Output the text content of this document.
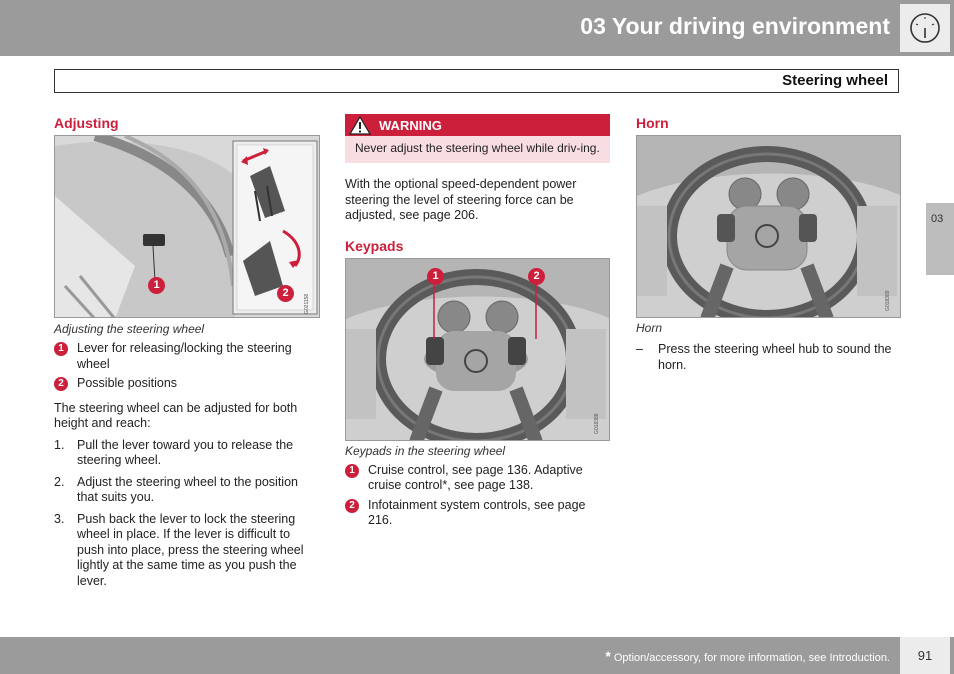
03 Your driving environment
Steering wheel
03
Adjusting
1
2
G021158
Adjusting the steering wheel
1	Lever for releasing/locking the steering wheel
2	Possible positions
The steering wheel can be adjusted for both height and reach:
1.	Pull the lever toward you to release the steering wheel.
2.	Adjust the steering wheel to the position that suits you.
3.	Push back the lever to lock the steering wheel in place. If the lever is difficult to push into place, press the steering wheel lightly at the same time as you push the lever.
WARNING
Never adjust the steering wheel while driv-ing.
With the optional speed-dependent power steering the level of steering force can be adjusted, see page 206.
Keypads
1	2
G018388
Keypads in the steering wheel
1	Cruise control, see page 136. Adaptive cruise control*, see page 138.
2	Infotainment system controls, see page 216.
Horn
G018389
Horn
–	Press the steering wheel hub to sound the horn.
* Option/accessory, for more information, see Introduction.	91
